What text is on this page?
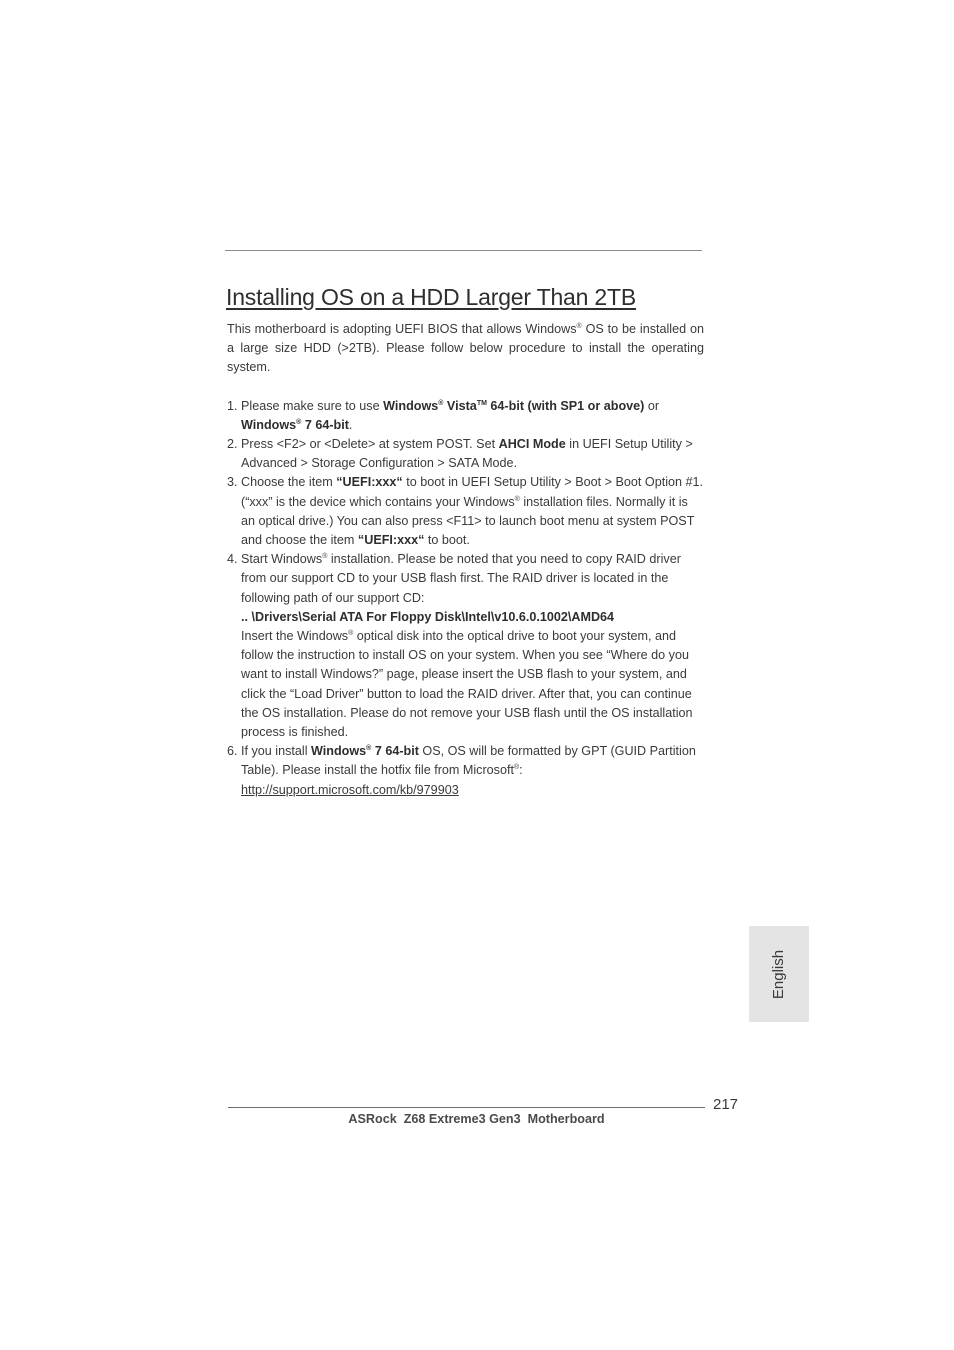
Installing OS on a HDD Larger Than 2TB

This motherboard is adopting UEFI BIOS that allows Windows® OS to be installed on a large size HDD (>2TB). Please follow below procedure to install the operating system.

1. Please make sure to use Windows® Vista™ 64-bit (with SP1 or above) or
Windows® 7 64-bit.
2. Press <F2> or <Delete> at system POST. Set AHCI Mode in UEFI Setup Utility > Advanced > Storage Configuration > SATA Mode.
3. Choose the item “UEFI:xxx“ to boot in UEFI Setup Utility > Boot > Boot Option #1. (“xxx” is the device which contains your Windows® installation files. Normally it is an optical drive.) You can also press <F11> to launch boot menu at system POST and choose the item “UEFI:xxx“ to boot.
4. Start Windows® installation. Please be noted that you need to copy RAID driver from our support CD to your USB flash first. The RAID driver is located in the following path of our support CD:
.. \Drivers\Serial ATA For Floppy Disk\Intel\v10.6.0.1002\AMD64
Insert the Windows® optical disk into the optical drive to boot your system, and follow the instruction to install OS on your system. When you see “Where do you want to install Windows?” page, please insert the USB flash to your system, and click the “Load Driver” button to load the RAID driver. After that, you can continue the OS installation. Please do not remove your USB flash until the OS installation process is finished.
6. If you install Windows® 7 64-bit OS, OS will be formatted by GPT (GUID Partition Table). Please install the hotfix file from Microsoft®:
http://support.microsoft.com/kb/979903
English
217
ASRock  Z68 Extreme3 Gen3  Motherboard
